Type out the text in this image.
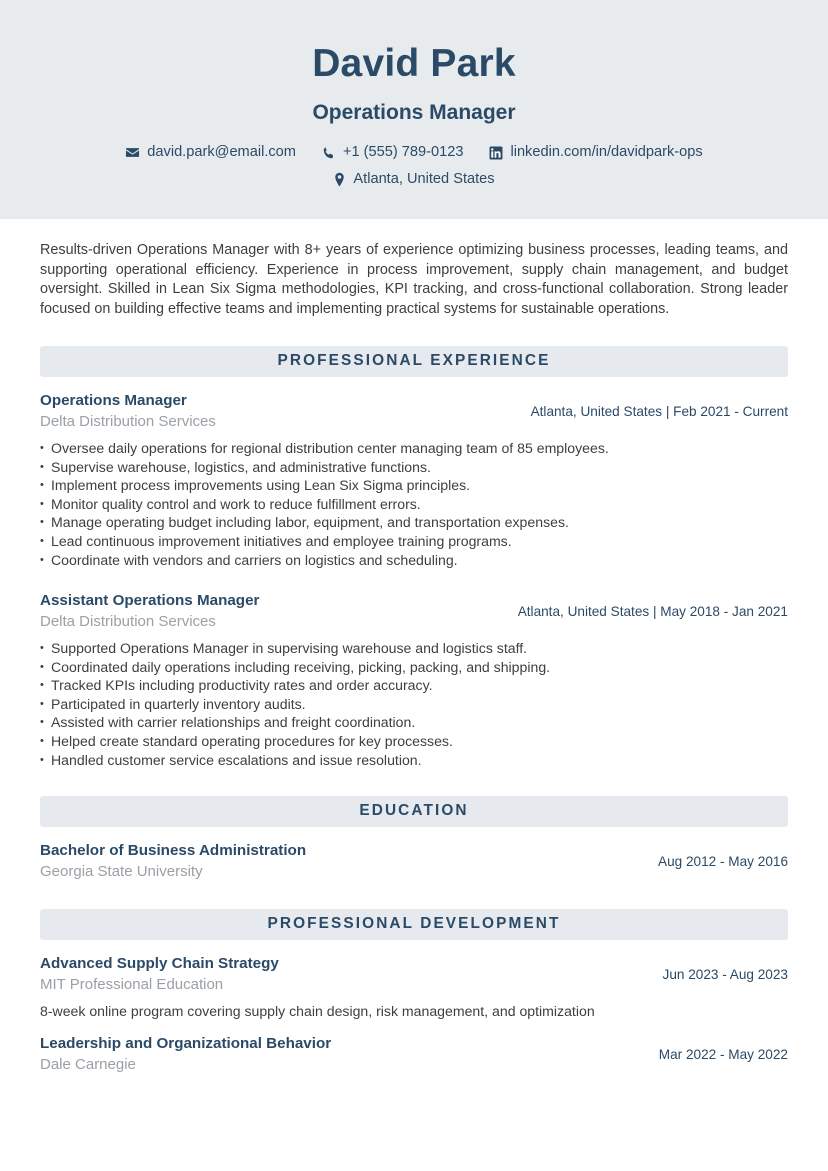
David Park
Operations Manager
david.park@email.com	+1 (555) 789-0123	linkedin.com/in/davidpark-ops
Atlanta, United States
Results-driven Operations Manager with 8+ years of experience optimizing business processes, leading teams, and supporting operational efficiency. Experience in process improvement, supply chain management, and budget oversight. Skilled in Lean Six Sigma methodologies, KPI tracking, and cross-functional collaboration. Strong leader focused on building effective teams and implementing practical systems for sustainable operations.
PROFESSIONAL EXPERIENCE
Operations Manager
Delta Distribution Services
Atlanta, United States | Feb 2021 - Current
• Oversee daily operations for regional distribution center managing team of 85 employees.
• Supervise warehouse, logistics, and administrative functions.
• Implement process improvements using Lean Six Sigma principles.
• Monitor quality control and work to reduce fulfillment errors.
• Manage operating budget including labor, equipment, and transportation expenses.
• Lead continuous improvement initiatives and employee training programs.
• Coordinate with vendors and carriers on logistics and scheduling.
Assistant Operations Manager
Delta Distribution Services
Atlanta, United States | May 2018 - Jan 2021
• Supported Operations Manager in supervising warehouse and logistics staff.
• Coordinated daily operations including receiving, picking, packing, and shipping.
• Tracked KPIs including productivity rates and order accuracy.
• Participated in quarterly inventory audits.
• Assisted with carrier relationships and freight coordination.
• Helped create standard operating procedures for key processes.
• Handled customer service escalations and issue resolution.
EDUCATION
Bachelor of Business Administration
Georgia State University
Aug 2012 - May 2016
PROFESSIONAL DEVELOPMENT
Advanced Supply Chain Strategy
MIT Professional Education
Jun 2023 - Aug 2023
8-week online program covering supply chain design, risk management, and optimization
Leadership and Organizational Behavior
Dale Carnegie
Mar 2022 - May 2022
